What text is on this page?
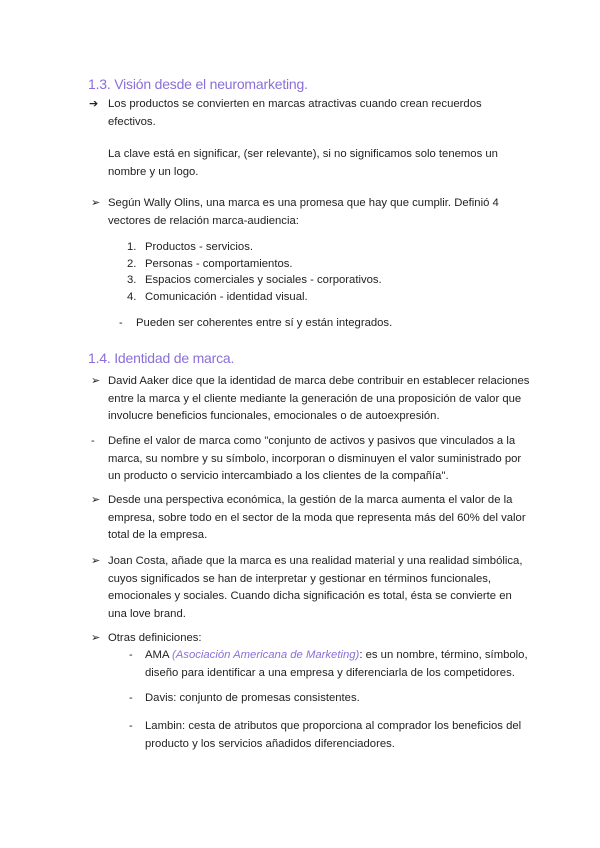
1.3. Visión desde el neuromarketing.
➔ Los productos se convierten en marcas atractivas cuando crean recuerdos efectivos.
La clave está en significar, (ser relevante), si no significamos solo tenemos un nombre y un logo.
➢ Según Wally Olins, una marca es una promesa que hay que cumplir. Definió 4 vectores de relación marca-audiencia:
1. Productos - servicios.
2. Personas - comportamientos.
3. Espacios comerciales y sociales - corporativos.
4. Comunicación - identidad visual.
- Pueden ser coherentes entre sí y están integrados.
1.4. Identidad de marca.
➢ David Aaker dice que la identidad de marca debe contribuir en establecer relaciones entre la marca y el cliente mediante la generación de una proposición de valor que involucre beneficios funcionales, emocionales o de autoexpresión.
- Define el valor de marca como "conjunto de activos y pasivos que vinculados a la marca, su nombre y su símbolo, incorporan o disminuyen el valor suministrado por un producto o servicio intercambiado a los clientes de la compañía".
➢ Desde una perspectiva económica, la gestión de la marca aumenta el valor de la empresa, sobre todo en el sector de la moda que representa más del 60% del valor total de la empresa.
➢ Joan Costa, añade que la marca es una realidad material y una realidad simbólica, cuyos significados se han de interpretar y gestionar en términos funcionales, emocionales y sociales. Cuando dicha significación es total, ésta se convierte en una love brand.
➢ Otras definiciones:
- AMA (Asociación Americana de Marketing): es un nombre, término, símbolo, diseño para identificar a una empresa y diferenciarla de los competidores.
- Davis: conjunto de promesas consistentes.
- Lambin: cesta de atributos que proporciona al comprador los beneficios del producto y los servicios añadidos diferenciadores.
